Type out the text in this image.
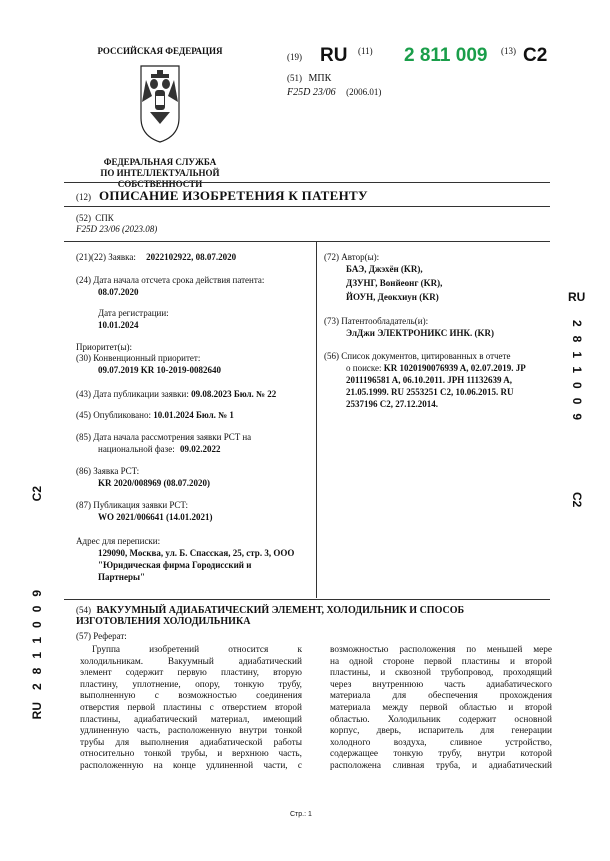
РОССИЙСКАЯ ФЕДЕРАЦИЯ
ФЕДЕРАЛЬНАЯ СЛУЖБА
ПО ИНТЕЛЛЕКТУАЛЬНОЙ СОБСТВЕННОСТИ
(19) RU (11) 2 811 009 (13) C2
(51) МПК
F25D 23/06 (2006.01)
(12) ОПИСАНИЕ ИЗОБРЕТЕНИЯ К ПАТЕНТУ
(52) СПК
F25D 23/06 (2023.08)
(21)(22) Заявка: 2022102922, 08.07.2020
(24) Дата начала отсчета срока действия патента:
08.07.2020
Дата регистрации:
10.01.2024
Приоритет(ы):
(30) Конвенционный приоритет:
09.07.2019 KR 10-2019-0082640
(43) Дата публикации заявки: 09.08.2023 Бюл. № 22
(45) Опубликовано: 10.01.2024 Бюл. № 1
(85) Дата начала рассмотрения заявки PCT на
национальной фазе: 09.02.2022
(86) Заявка PCT:
KR 2020/008969 (08.07.2020)
(87) Публикация заявки PCT:
WO 2021/006641 (14.01.2021)
Адрес для переписки:
129090, Москва, ул. Б. Спасская, 25, стр. 3, ООО
"Юридическая фирма Городисский и
Партнеры"
(72) Автор(ы):
БАЭ, Джэхён (KR),
ДЗУНГ, Вонйеонг (KR),
ЙОУН, Деокхиун (KR)
(73) Патентообладатель(и):
ЭлДжи ЭЛЕКТРОНИКС ИНК. (KR)
(56) Список документов, цитированных в отчете
о поиске: KR 1020190076939 A, 02.07.2019. JP
2011196581 A, 06.10.2011. JPH 11132639 A,
21.05.1999. RU 2553251 C2, 10.06.2015. RU
2537196 C2, 27.12.2014.
RU
2811009
C2
RU
2811009
C2
(54) ВАКУУМНЫЙ АДИАБАТИЧЕСКИЙ ЭЛЕМЕНТ, ХОЛОДИЛЬНИК И СПОСОБ
ИЗГОТОВЛЕНИЯ ХОЛОДИЛЬНИКА
(57) Реферат:

Группа изобретений относится к

холодильникам. Вакуумный адиабатический

элемент содержит первую пластину, вторую

пластину, уплотнение, опору, тонкую трубу,

выполненную с возможностью соединения

отверстия первой пластины с отверстием второй

пластины, адиабатический материал, имеющий

удлиненную часть, расположенную внутри тонкой

трубы для выполнения адиабатической работы

относительно тонкой трубы, и верхнюю часть,

расположенную на конце удлиненной части, с

возможностью расположения по меньшей мере

на одной стороне первой пластины и второй

пластины, и сквозной трубопровод, проходящий

через внутреннюю часть адиабатического

материала для обеспечения прохождения

материала между первой областью и второй

областью. Холодильник содержит основной

корпус, дверь, испаритель для генерации

холодного воздуха, сливное устройство,

содержащее тонкую трубу, внутри которой

расположена сливная труба, и адиабатический

Стр.: 1
